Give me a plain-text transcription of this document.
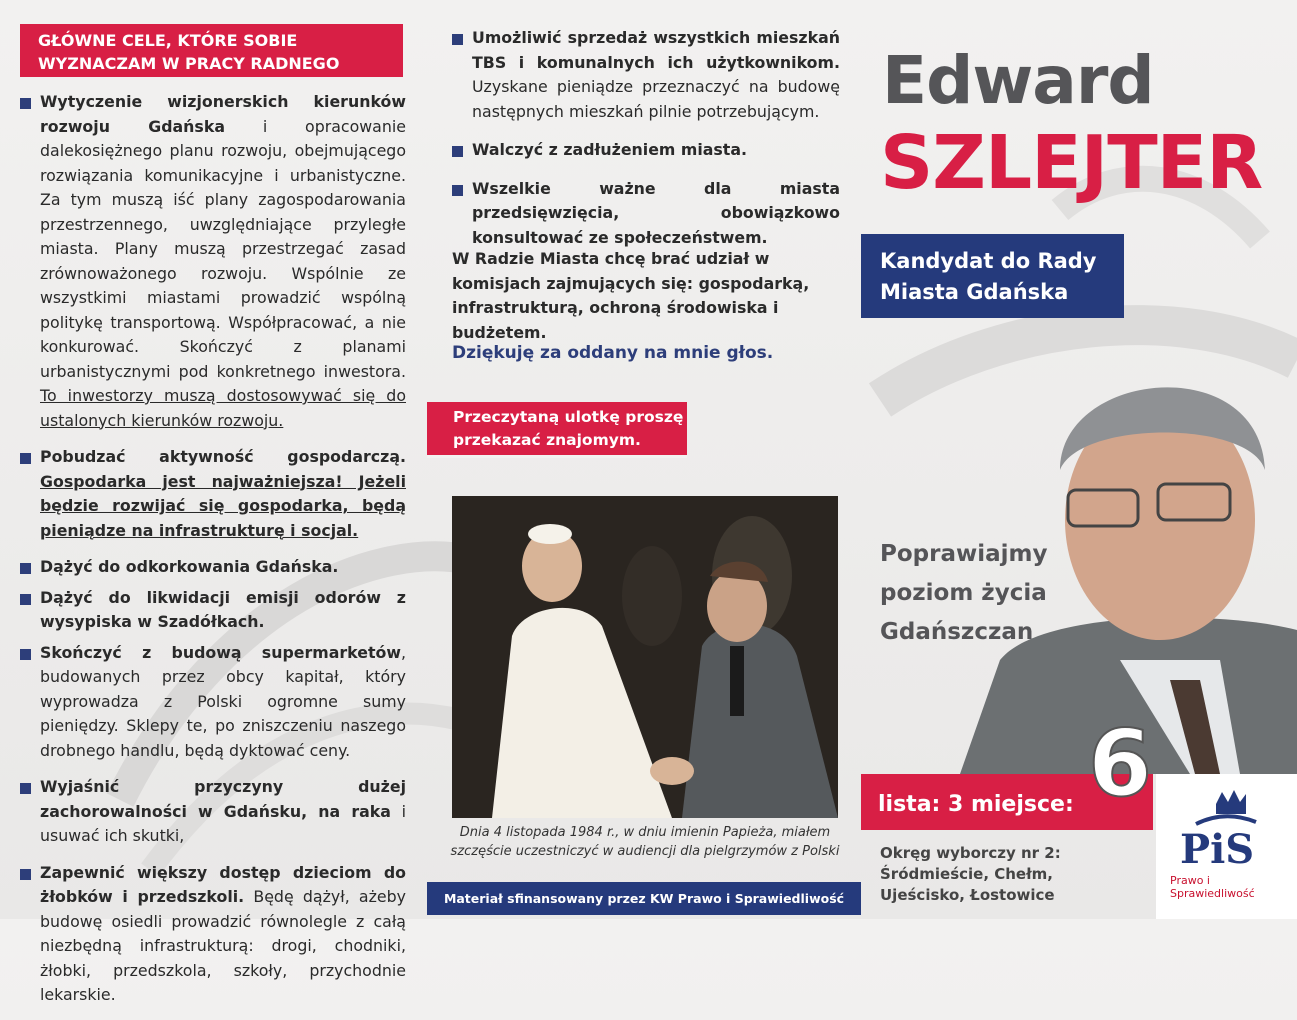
GŁÓWNE CELE, KTÓRE SOBIE WYZNACZAM W PRACY RADNEGO
Wytyczenie wizjonerskich kierunków rozwoju Gdańska i opracowanie dalekosiężnego planu rozwoju, obejmującego rozwiązania komunikacyjne i urbanistyczne. Za tym muszą iść plany zagospodarowania przestrzennego, uwzględniające przyległe miasta. Plany muszą przestrzegać zasad zrównoważonego rozwoju. Wspólnie ze wszystkimi miastami prowadzić wspólną politykę transportową. Współpracować, a nie konkurować. Skończyć z planami urbanistycznymi pod konkretnego inwestora. To inwestorzy muszą dostosowywać się do ustalonych kierunków rozwoju.
Pobudzać aktywność gospodarczą. Gospodarka jest najważniejsza! Jeżeli będzie rozwijać się gospodarka, będą pieniądze na infrastrukturę i socjal.
Dążyć do odkorkowania Gdańska.
Dążyć do likwidacji emisji odorów z wysypiska w Szadółkach.
Skończyć z budową supermarketów, budowanych przez obcy kapitał, który wyprowadza z Polski ogromne sumy pieniędzy. Sklepy te, po zniszczeniu naszego drobnego handlu, będą dyktować ceny.
Wyjaśnić przyczyny dużej zachorowalności w Gdańsku, na raka i usuwać ich skutki,
Zapewnić większy dostęp dzieciom do żłobków i przedszkoli. Będę dążył, ażeby budowę osiedli prowadzić równolegle z całą niezbędną infrastrukturą: drogi, chodniki, żłobki, przedszkola, szkoły, przychodnie lekarskie.
Umożliwić sprzedaż wszystkich mieszkań TBS i komunalnych ich użytkownikom. Uzyskane pieniądze przeznaczyć na budowę następnych mieszkań pilnie potrzebującym.
Walczyć z zadłużeniem miasta.
Wszelkie ważne dla miasta przedsięwzięcia, obowiązkowo konsultować ze społeczeństwem.
W Radzie Miasta chcę brać udział w komisjach zajmujących się: gospodarką, infrastrukturą, ochroną środowiska i budżetem.
Dziękuję za oddany na mnie głos.
Przeczytaną ulotkę proszę przekazać znajomym.
Dnia 4 listopada 1984 r., w dniu imienin Papieża, miałem szczęście uczestniczyć w audiencji dla pielgrzymów z Polski
Materiał sfinansowany przez KW Prawo i Sprawiedliwość
Edward
SZLEJTER
Kandydat do Rady Miasta Gdańska
Poprawiajmy
poziom życia
Gdańszczan
lista: 3 miejsce: 6
Okręg wyborczy nr 2:
Śródmieście, Chełm, Ujeścisko, Łostowice
PiS
Prawo i Sprawiedliwość
